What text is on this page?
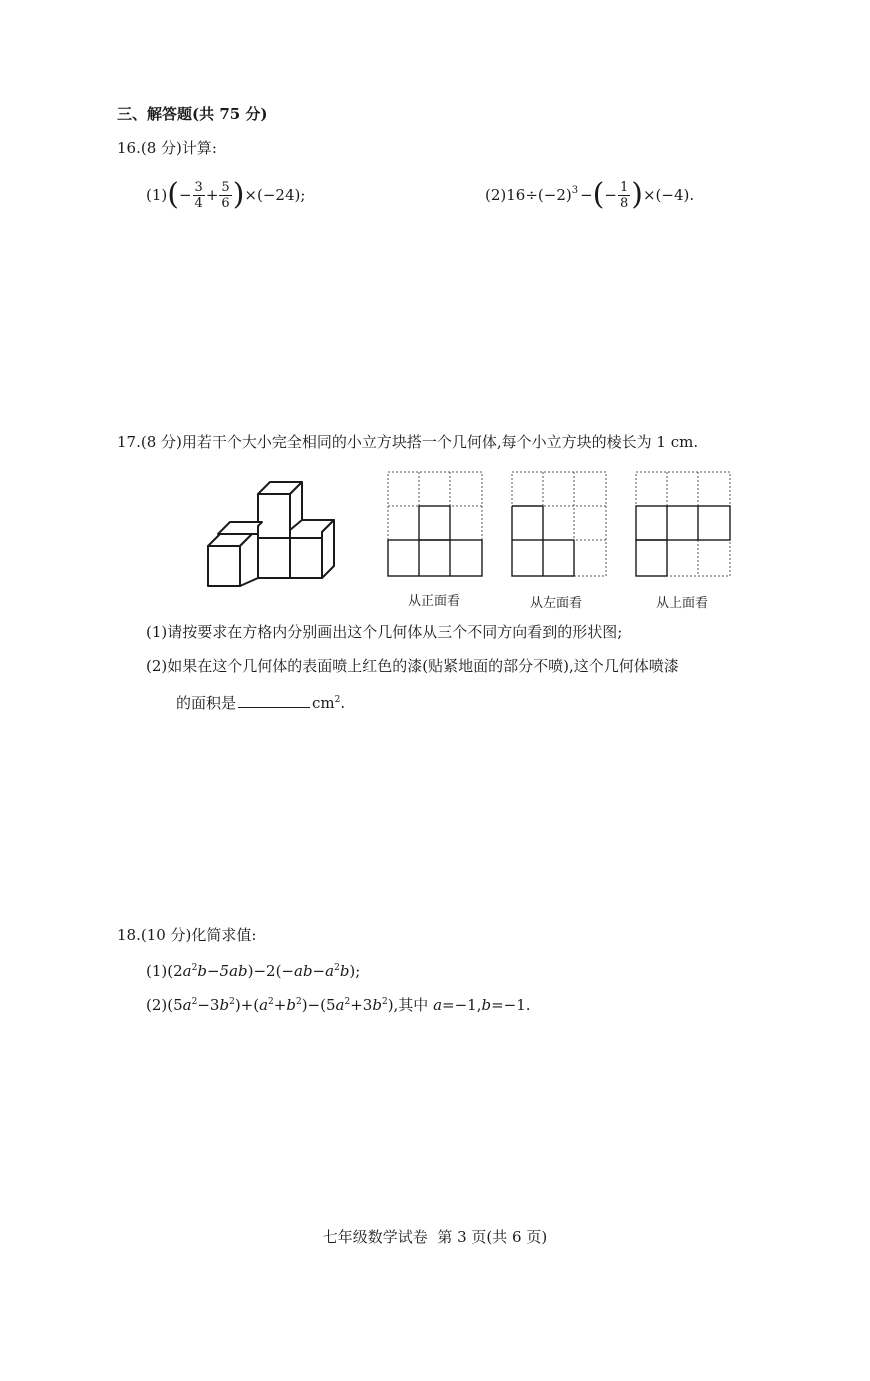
三、解答题(共 75 分)
16.(8 分)计算:
(1) ( − $\frac{3}{4} + \frac{5}{6}$ ) ×(−24);	$(2)16\div(-2)^3$ − ( − $\frac{1}{8}$ ) ×(−4).
17.(8 分)用若干个大小完全相同的小立方块搭一个几何体,每个小立方块的棱长为 1 cm.
从正面看	从左面看	从上面看
(1)请按要求在方格内分别画出这个几何体从三个不同方向看到的形状图;
(2)如果在这个几何体的表面喷上红色的漆(贴紧地面的部分不喷),这个几何体喷漆
的面积是	$cm^2$.
18.(10 分)化简求值:
$(1)(2a^2b-5ab)-2(-ab-a^2b)$;
$(2)(5a^2-3b^2)+(a^2+b^2)-(5a^2+3b^2)$,其中 a=−1,b=−1.
七年级数学试卷  第 3 页(共 6 页)
